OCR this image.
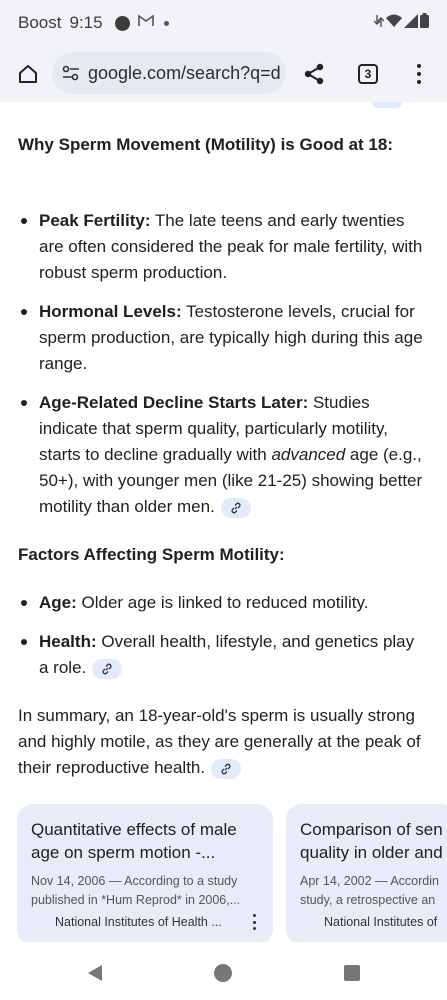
Boost 9:15
google.com/search?q=d	3
Why Sperm Movement (Motility) is Good at 18:
Peak Fertility: The late teens and early twenties are often considered the peak for male fertility, with robust sperm production.
Hormonal Levels: Testosterone levels, crucial for sperm production, are typically high during this age range.
Age-Related Decline Starts Later: Studies indicate that sperm quality, particularly motility, starts to decline gradually with advanced age (e.g., 50+), with younger men (like 21-25) showing better motility than older men.
Factors Affecting Sperm Motility:
Age: Older age is linked to reduced motility.
Health: Overall health, lifestyle, and genetics play a role.
In summary, an 18-year-old's sperm is usually strong and highly motile, as they are generally at the peak of their reproductive health.
Quantitative effects of male age on sperm motion -...
Nov 14, 2006 — According to a study
published in *Hum Reprod* in 2006,...
National Institutes of Health ...
Comparison of sen quality in older and
Apr 14, 2002 — Accordin
study, a retrospective an
National Institutes of
